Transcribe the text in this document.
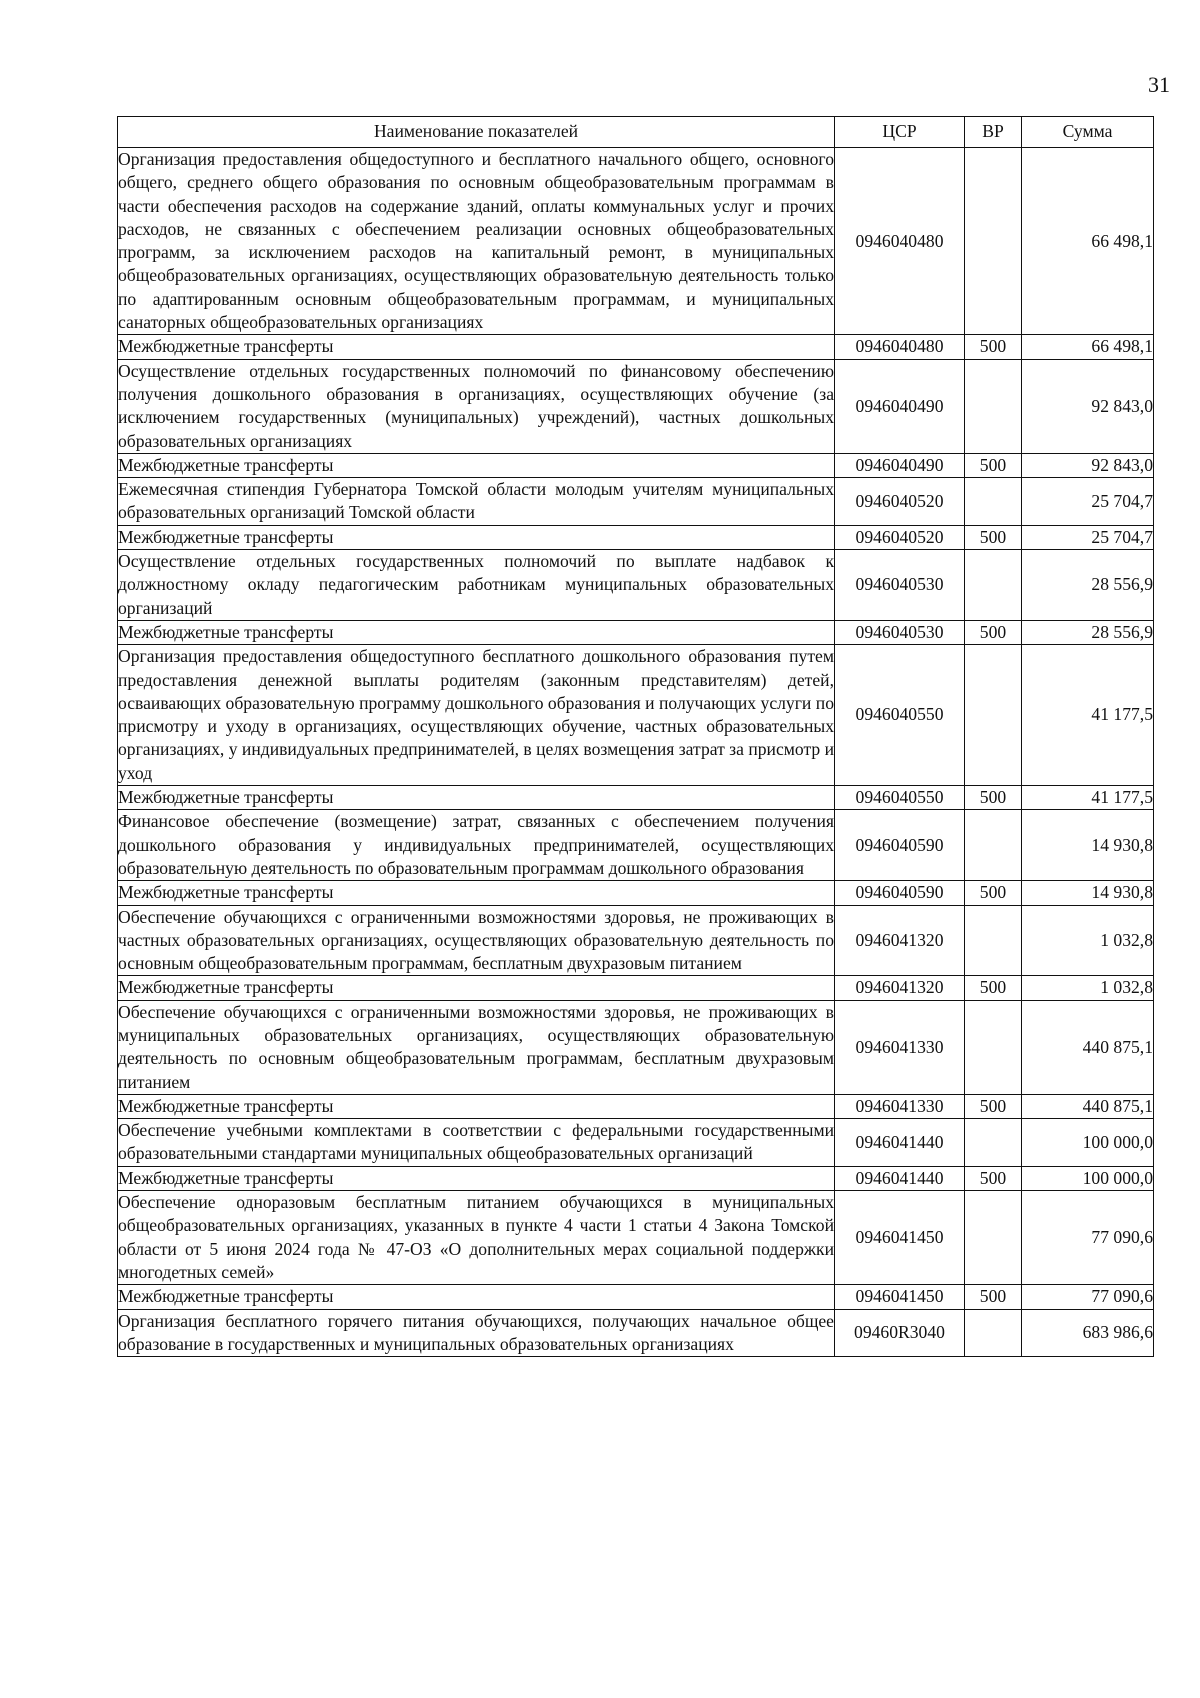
31
Наименование показателей	ЦСР	ВР	Сумма
Организация предоставления общедоступного и бесплатного начального общего, основного общего, среднего общего образования по основным общеобразовательным программам в части обеспечения расходов на содержание зданий, оплаты коммунальных услуг и прочих расходов, не связанных с обеспечением реализации основных общеобразовательных программ, за исключением расходов на капитальный ремонт, в муниципальных общеобразовательных организациях, осуществляющих образовательную деятельность только по адаптированным основным общеобразовательным программам, и муниципальных санаторных общеобразовательных организациях	0946040480		66 498,1
Межбюджетные трансферты	0946040480	500	66 498,1
Осуществление отдельных государственных полномочий по финансовому обеспечению получения дошкольного образования в организациях, осуществляющих обучение (за исключением государственных (муниципальных) учреждений), частных дошкольных образовательных организациях	0946040490		92 843,0
Межбюджетные трансферты	0946040490	500	92 843,0
Ежемесячная стипендия Губернатора Томской области молодым учителям муниципальных образовательных организаций Томской области	0946040520		25 704,7
Межбюджетные трансферты	0946040520	500	25 704,7
Осуществление отдельных государственных полномочий по выплате надбавок к должностному окладу педагогическим работникам муниципальных образовательных организаций	0946040530		28 556,9
Межбюджетные трансферты	0946040530	500	28 556,9
Организация предоставления общедоступного бесплатного дошкольного образования путем предоставления денежной выплаты родителям (законным представителям) детей, осваивающих образовательную программу дошкольного образования и получающих услуги по присмотру и уходу в организациях, осуществляющих обучение, частных образовательных организациях, у индивидуальных предпринимателей, в целях возмещения затрат за присмотр и уход	0946040550		41 177,5
Межбюджетные трансферты	0946040550	500	41 177,5
Финансовое обеспечение (возмещение) затрат, связанных с обеспечением получения дошкольного образования у индивидуальных предпринимателей, осуществляющих образовательную деятельность по образовательным программам дошкольного образования	0946040590		14 930,8
Межбюджетные трансферты	0946040590	500	14 930,8
Обеспечение обучающихся с ограниченными возможностями здоровья, не проживающих в частных образовательных организациях, осуществляющих образовательную деятельность по основным общеобразовательным программам, бесплатным двухразовым питанием	0946041320		1 032,8
Межбюджетные трансферты	0946041320	500	1 032,8
Обеспечение обучающихся с ограниченными возможностями здоровья, не проживающих в муниципальных образовательных организациях, осуществляющих образовательную деятельность по основным общеобразовательным программам, бесплатным двухразовым питанием	0946041330		440 875,1
Межбюджетные трансферты	0946041330	500	440 875,1
Обеспечение учебными комплектами в соответствии с федеральными государственными образовательными стандартами муниципальных общеобразовательных организаций	0946041440		100 000,0
Межбюджетные трансферты	0946041440	500	100 000,0
Обеспечение одноразовым бесплатным питанием обучающихся в муниципальных общеобразовательных организациях, указанных в пункте 4 части 1 статьи 4 Закона Томской области от 5 июня 2024 года № 47-ОЗ «О дополнительных мерах социальной поддержки многодетных семей»	0946041450		77 090,6
Межбюджетные трансферты	0946041450	500	77 090,6
Организация бесплатного горячего питания обучающихся, получающих начальное общее образование в государственных и муниципальных образовательных организациях	09460R3040		683 986,6
